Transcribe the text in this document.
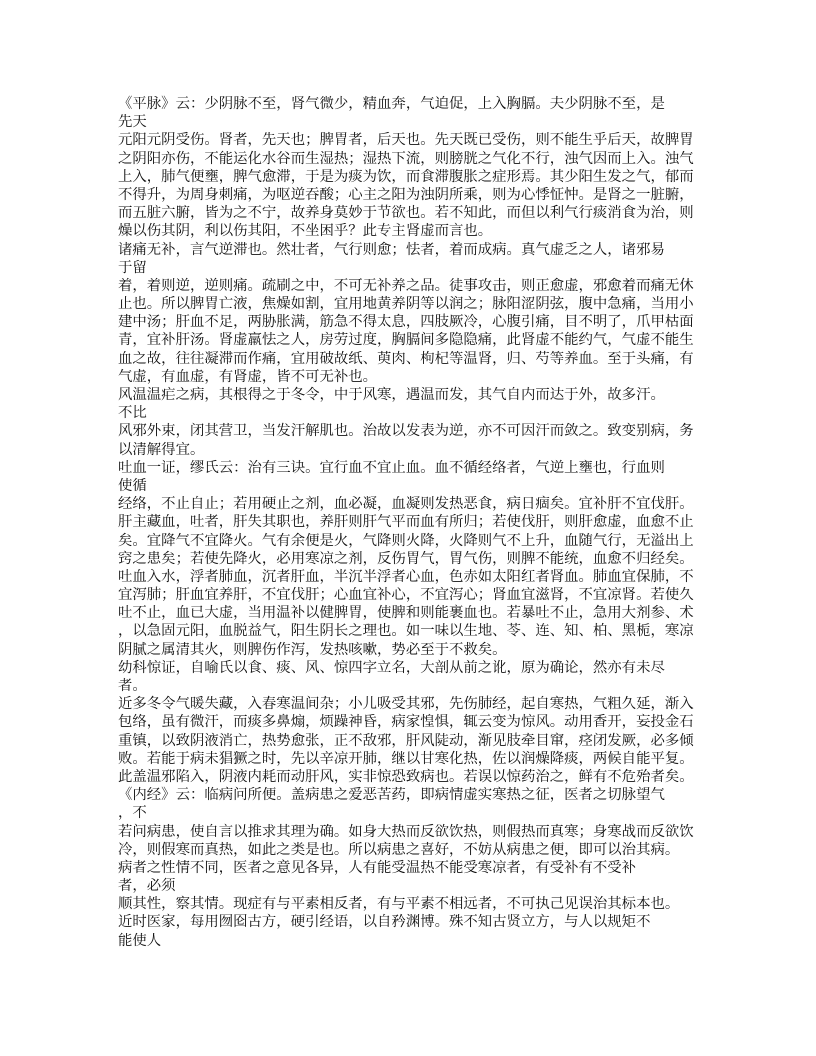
《平脉》云：少阴脉不至，肾气微少，精血奔，气迫促，上入胸膈。夫少阴脉不至，是
先天
元阳元阴受伤。肾者，先天也；脾胃者，后天也。先天既已受伤，则不能生乎后天，故脾胃
之阴阳亦伤，不能运化水谷而生湿热；湿热下流，则膀胱之气化不行，浊气因而上入。浊气
上入，肺气便壅，脾气愈滞，于是为痰为饮，而食滞腹胀之症形焉。其少阳生发之气，郁而
不得升，为周身刺痛，为呕逆吞酸；心主之阳为浊阴所乘，则为心悸怔忡。是肾之一脏腑，
而五脏六腑，皆为之不宁，故养身莫妙于节欲也。若不知此，而但以利气行痰消食为治，则
燥以伤其阴，利以伤其阳，不坐困乎？此专主肾虚而言也。
诸痛无补，言气逆滞也。然壮者，气行则愈；怯者，着而成病。真气虚乏之人，诸邪易
于留
着，着则逆，逆则痛。疏刷之中，不可无补养之品。徒事攻击，则正愈虚，邪愈着而痛无休
止也。所以脾胃亡液，焦燥如割，宜用地黄养阴等以润之；脉阳涩阴弦，腹中急痛，当用小
建中汤；肝血不足，两胁胀满，筋急不得太息，四肢厥冷，心腹引痛，目不明了，爪甲枯面
青，宜补肝汤。肾虚羸怯之人，房劳过度，胸膈间多隐隐痛，此肾虚不能约气，气虚不能生
血之故，往往凝滞而作痛，宜用破故纸、萸肉、枸杞等温肾，归、芍等养血。至于头痛，有
气虚，有血虚，有肾虚，皆不可无补也。
风温温疟之病，其根得之于冬令，中于风寒，遇温而发，其气自内而达于外，故多汗。
不比
风邪外束，闭其营卫，当发汗解肌也。治故以发表为逆，亦不可因汗而敛之。致变别病，务
以清解得宜。
吐血一证，缪氏云：治有三诀。宜行血不宜止血。血不循经络者，气逆上壅也，行血则
使循
经络，不止自止；若用硬止之剂，血必凝，血凝则发热恶食，病日痼矣。宜补肝不宜伐肝。
肝主藏血，吐者，肝失其职也，养肝则肝气平而血有所归；若使伐肝，则肝愈虚，血愈不止
矣。宜降气不宜降火。气有余便是火，气降则火降，火降则气不上升，血随气行，无溢出上
窍之患矣；若使先降火，必用寒凉之剂，反伤胃气，胃气伤，则脾不能统，血愈不归经矣。
吐血入水，浮者肺血，沉者肝血，半沉半浮者心血，色赤如太阳红者肾血。肺血宜保肺，不
宜泻肺；肝血宜养肝，不宜伐肝；心血宜补心，不宜泻心；肾血宜滋肾，不宜凉肾。若使久
吐不止，血已大虚，当用温补以健脾胃，使脾和则能裹血也。若暴吐不止，急用大剂参、术
，以急固元阳，血脱益气，阳生阴长之理也。如一味以生地、苓、连、知、柏、黑栀，寒凉
阴腻之属清其火，则脾伤作泻，发热咳嗽，势必至于不救矣。
幼科惊证，自喻氏以食、痰、风、惊四字立名，大剖从前之讹，原为确论，然亦有未尽
者。
近多冬令气暖失藏，入春寒温间杂；小儿吸受其邪，先伤肺经，起自寒热，气粗久延，渐入
包络，虽有微汗，而痰多鼻煽，烦躁神昏，病家惶惧，辄云变为惊风。动用香开，妄投金石
重镇，以致阴液消亡，热势愈张，正不敌邪，肝风陡动，渐见肢牵目窜，痉闭发厥，必多倾
败。若能于病未猖獗之时，先以辛凉开肺，继以甘寒化热，佐以润燥降痰，两候自能平复。
此盖温邪陷入，阴液内耗而动肝风，实非惊恐致病也。若误以惊药治之，鲜有不危殆者矣。
《内经》云：临病问所便。盖病患之爱恶苦药，即病情虚实寒热之征，医者之切脉望气
，不
若问病患，使自言以推求其理为确。如身大热而反欲饮热，则假热而真寒；身寒战而反欲饮
冷，则假寒而真热，如此之类是也。所以病患之喜好，不妨从病患之便，即可以治其病。
病者之性情不同，医者之意见各异，人有能受温热不能受寒凉者，有受补有不受补
者，必须
顺其性，察其情。现症有与平素相反者，有与平素不相远者，不可执己见误治其标本也。
近时医家，每用囫囵古方，硬引经语，以自矜渊博。殊不知古贤立方，与人以规矩不
能使人
